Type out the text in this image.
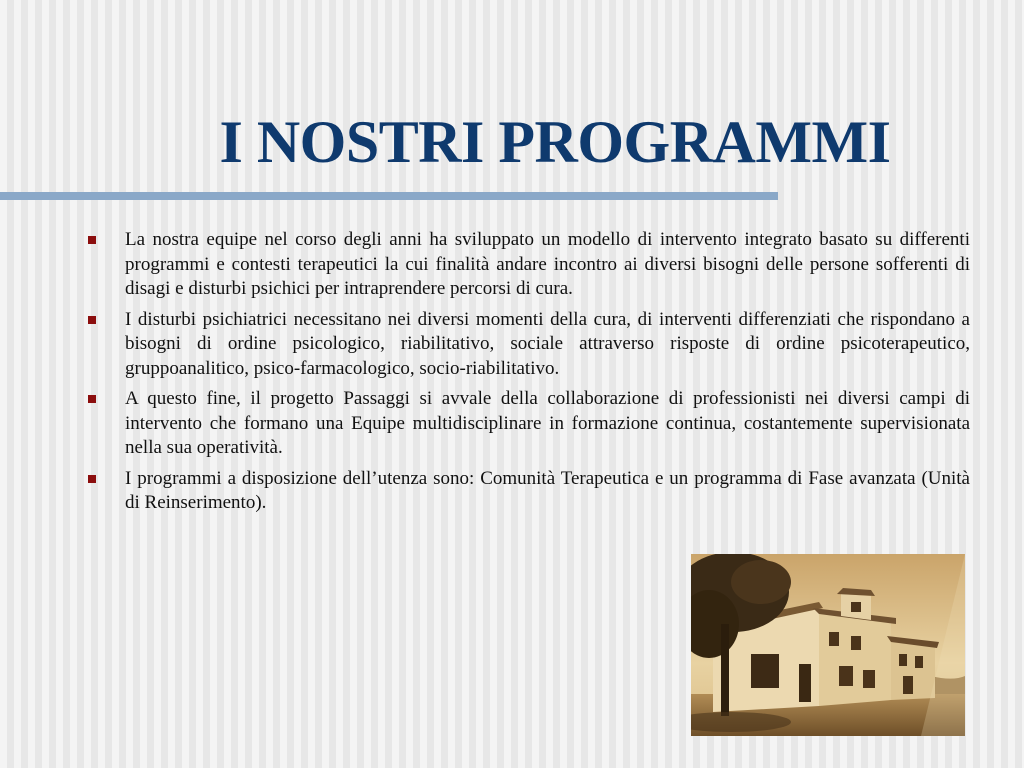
I NOSTRI PROGRAMMI
La nostra equipe nel corso degli anni ha sviluppato un modello di intervento integrato basato su differenti programmi e contesti terapeutici la cui finalità andare incontro ai diversi bisogni delle persone sofferenti di disagi e disturbi psichici per intraprendere percorsi di cura.
I disturbi psichiatrici necessitano nei diversi momenti della cura, di interventi differenziati che rispondano a bisogni di ordine psicologico, riabilitativo, sociale attraverso risposte di ordine psicoterapeutico, gruppoanalitico, psico-farmacologico, socio-riabilitativo.
A questo fine, il progetto Passaggi si avvale della collaborazione di professionisti nei diversi campi di intervento che formano una Equipe multidisciplinare in formazione continua, costantemente supervisionata nella sua operatività.
I programmi a disposizione dell’utenza sono: Comunità Terapeutica e un programma di Fase avanzata (Unità di Reinserimento).
